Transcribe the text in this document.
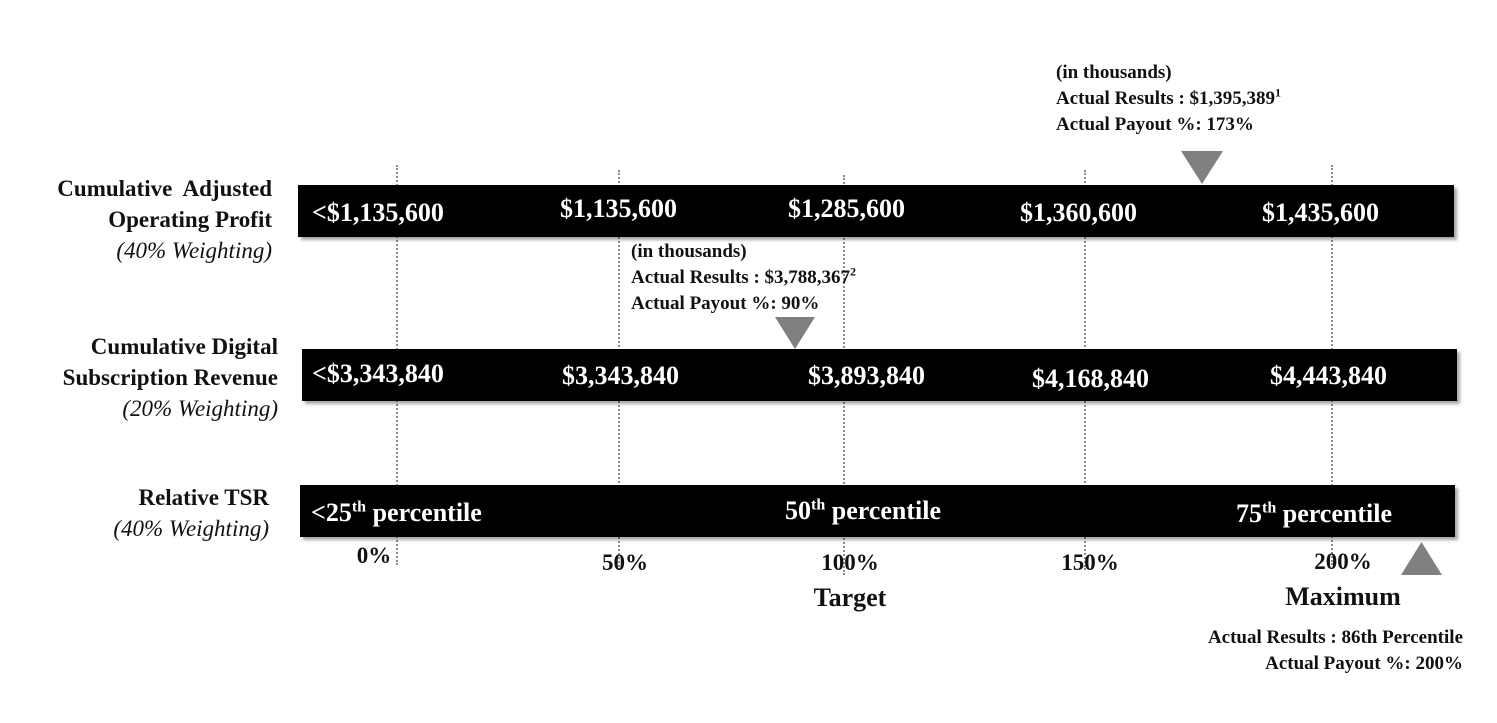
Cumulative  Adjusted
Operating Profit
(40% Weighting)
<$1,135,600	$1,135,600	$1,285,600	$1,360,600	$1,435,600
(in thousands)
Actual Results : $1,395,389$^1$
Actual Payout %: 173%
Cumulative Digital
Subscription Revenue
(20% Weighting)
<$3,343,840	$3,343,840	$3,893,840	$4,168,840	$4,443,840
(in thousands)
Actual Results : $3,788,367$^2$
Actual Payout %: 90%
Relative TSR
(40% Weighting)
<25th percentile	50th percentile	75th percentile
Actual Results : 86th Percentile
Actual Payout %: 200%
0%	50%	100%	150%	200%
Target	Maximum
